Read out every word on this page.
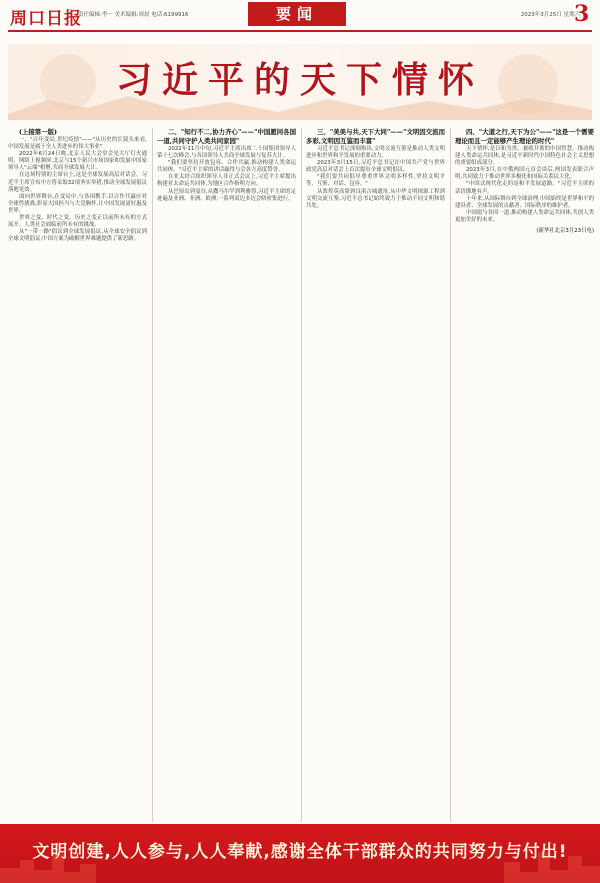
周口日报
责任编辑:李一 美术编辑:周晨 电话:6199916	要闻	2023年3月25日 星期六
3
习近平的天下情怀

(上接第一版)

一、"百年变局,世纪疫情"——"从历史的长镜头来看,中国发展是属于全人类进步的伟大事业"

2022年6月24日晚,北京人民大会堂会见大厅灯火通明。网络上视频屏,北京与15个新兴市场国家和发展中国家领导人"云端"相聚,共商全球发展大计。

在这场特别的主席台上,这是全球发展高层对话会。习近平主席宣布中方将采取32项务实举措,推动全球发展倡议落地见效。

面向世界舞台,在变局中,与各国携手,以合作共赢应对全球性挑战,彰显大国担当与大党胸怀,让中国发展更好惠及世界。

世界之变、时代之变、历史之变正以前所未有的方式展开。人类社会面临前所未有的挑战。

从"一带一路"倡议到全球发展倡议,从全球安全倡议到全球文明倡议,中国方案为破解世界难题提供了新思路。

二、"知行不二,协力齐心"——"中国愿同各国一道,共同守护人类共同家园"

2022年11月中旬,习近平主席出席二十国集团领导人第十七次峰会,与各国领导人共商全球发展与复苏大计。

"我们要坚持开放包容、合作共赢,推动构建人类命运共同体。"习近平主席的讲话赢得与会各方高度赞誉。

在亚太经合组织领导人非正式会议上,习近平主席提出构建亚太命运共同体,为地区合作指明方向。

从巴厘岛到曼谷,从撒马尔罕到利雅得,习近平主席的足迹遍及亚洲、非洲、欧洲,一系列双边多边会晤密集进行。

三、"美美与共,天下大同"——"文明因交流而多彩,文明因互鉴而丰富"

习近平总书记深刻指出,文明交流互鉴是推动人类文明进步和世界和平发展的重要动力。

2023年3月15日,习近平总书记在中国共产党与世界政党高层对话会上首次提出全球文明倡议。

"我们要共同倡导尊重世界文明多样性,坚持文明平等、互鉴、对话、包容。"

从敦煌莫高窟到良渚古城遗址,从中华文明探源工程到文明交流互鉴,习近平总书记始终致力于推动不同文明和谐共处。

四、"大道之行,天下为公"——"这是一个需要理论而且一定能够产生理论的时代"

天下情怀,是以和为贵、兼收并蓄的中国智慧。推动构建人类命运共同体,是习近平新时代中国特色社会主义思想的重要组成部分。

2023年3月,在中俄两国元首会谈后,两国发表联合声明,共同致力于推动世界多极化和国际关系民主化。

"中国式现代化走的是和平发展道路。"习近平主席的话语掷地有声。

十年来,从国际舞台到全球治理,中国始终是世界和平的建设者、全球发展的贡献者、国际秩序的维护者。

中国愿与各国一道,推动构建人类命运共同体,共创人类更加美好的未来。

(新华社北京3月23日电)
文明创建,人人参与,人人奉献,感谢全体干部群众的共同努力与付出!
